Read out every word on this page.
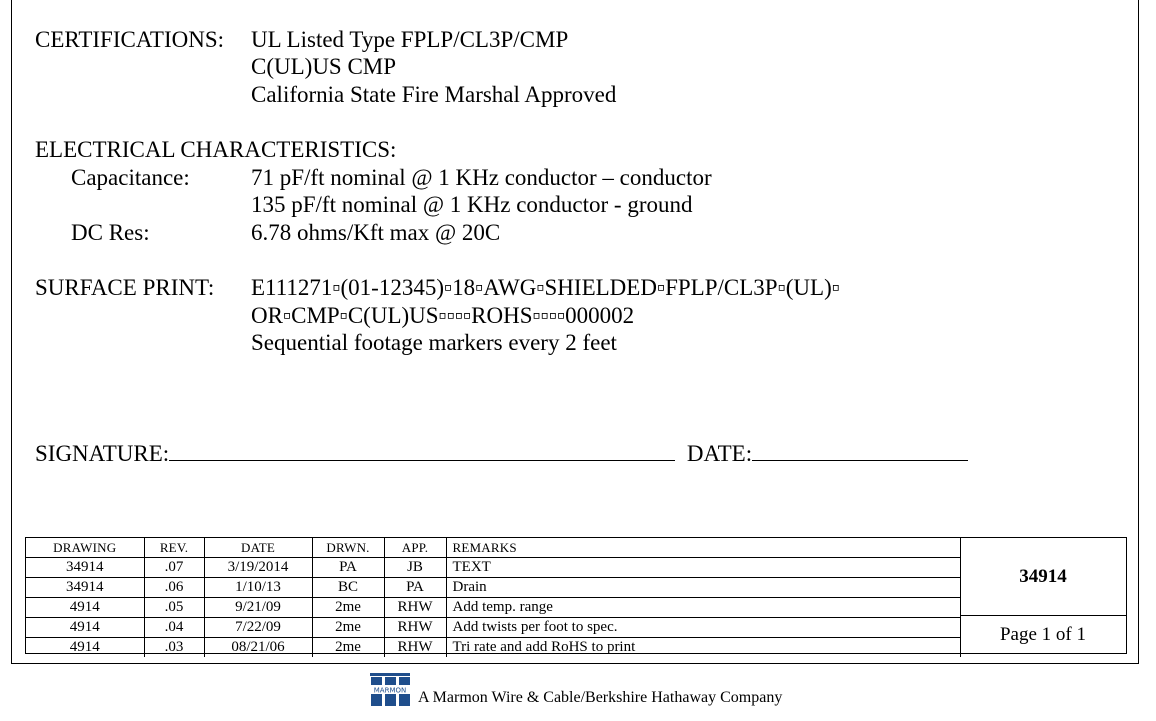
CERTIFICATIONS: UL Listed Type FPLP/CL3P/CMP
C(UL)US CMP
California State Fire Marshal Approved
ELECTRICAL CHARACTERISTICS:
Capacitance:	71 pF/ft nominal @ 1 KHz conductor – conductor
135 pF/ft nominal @ 1 KHz conductor - ground
DC Res:	6.78 ohms/Kft max @ 20C
SURFACE PRINT: E111271▫(01-12345)▫18▫AWG▫SHIELDED▫FPLP/CL3P▫(UL)▫
OR▫CMP▫C(UL)US▫▫▫▫ROHS▫▫▫▫000002
Sequential footage markers every 2 feet
SIGNATURE:	DATE:
DRAWING	REV.	DATE	DRWN.	APP.	REMARKS
34914	.07	3/19/2014	PA	JB	TEXT
34914	.06	1/10/13	BC	PA	Drain
4914	.05	9/21/09	2me	RHW	Add temp. range
4914	.04	7/22/09	2me	RHW	Add twists per foot to spec.
4914	.03	08/21/06	2me	RHW	Tri rate and add RoHS to print
34914
Page 1 of 1
MARMON A Marmon Wire & Cable/Berkshire Hathaway Company
